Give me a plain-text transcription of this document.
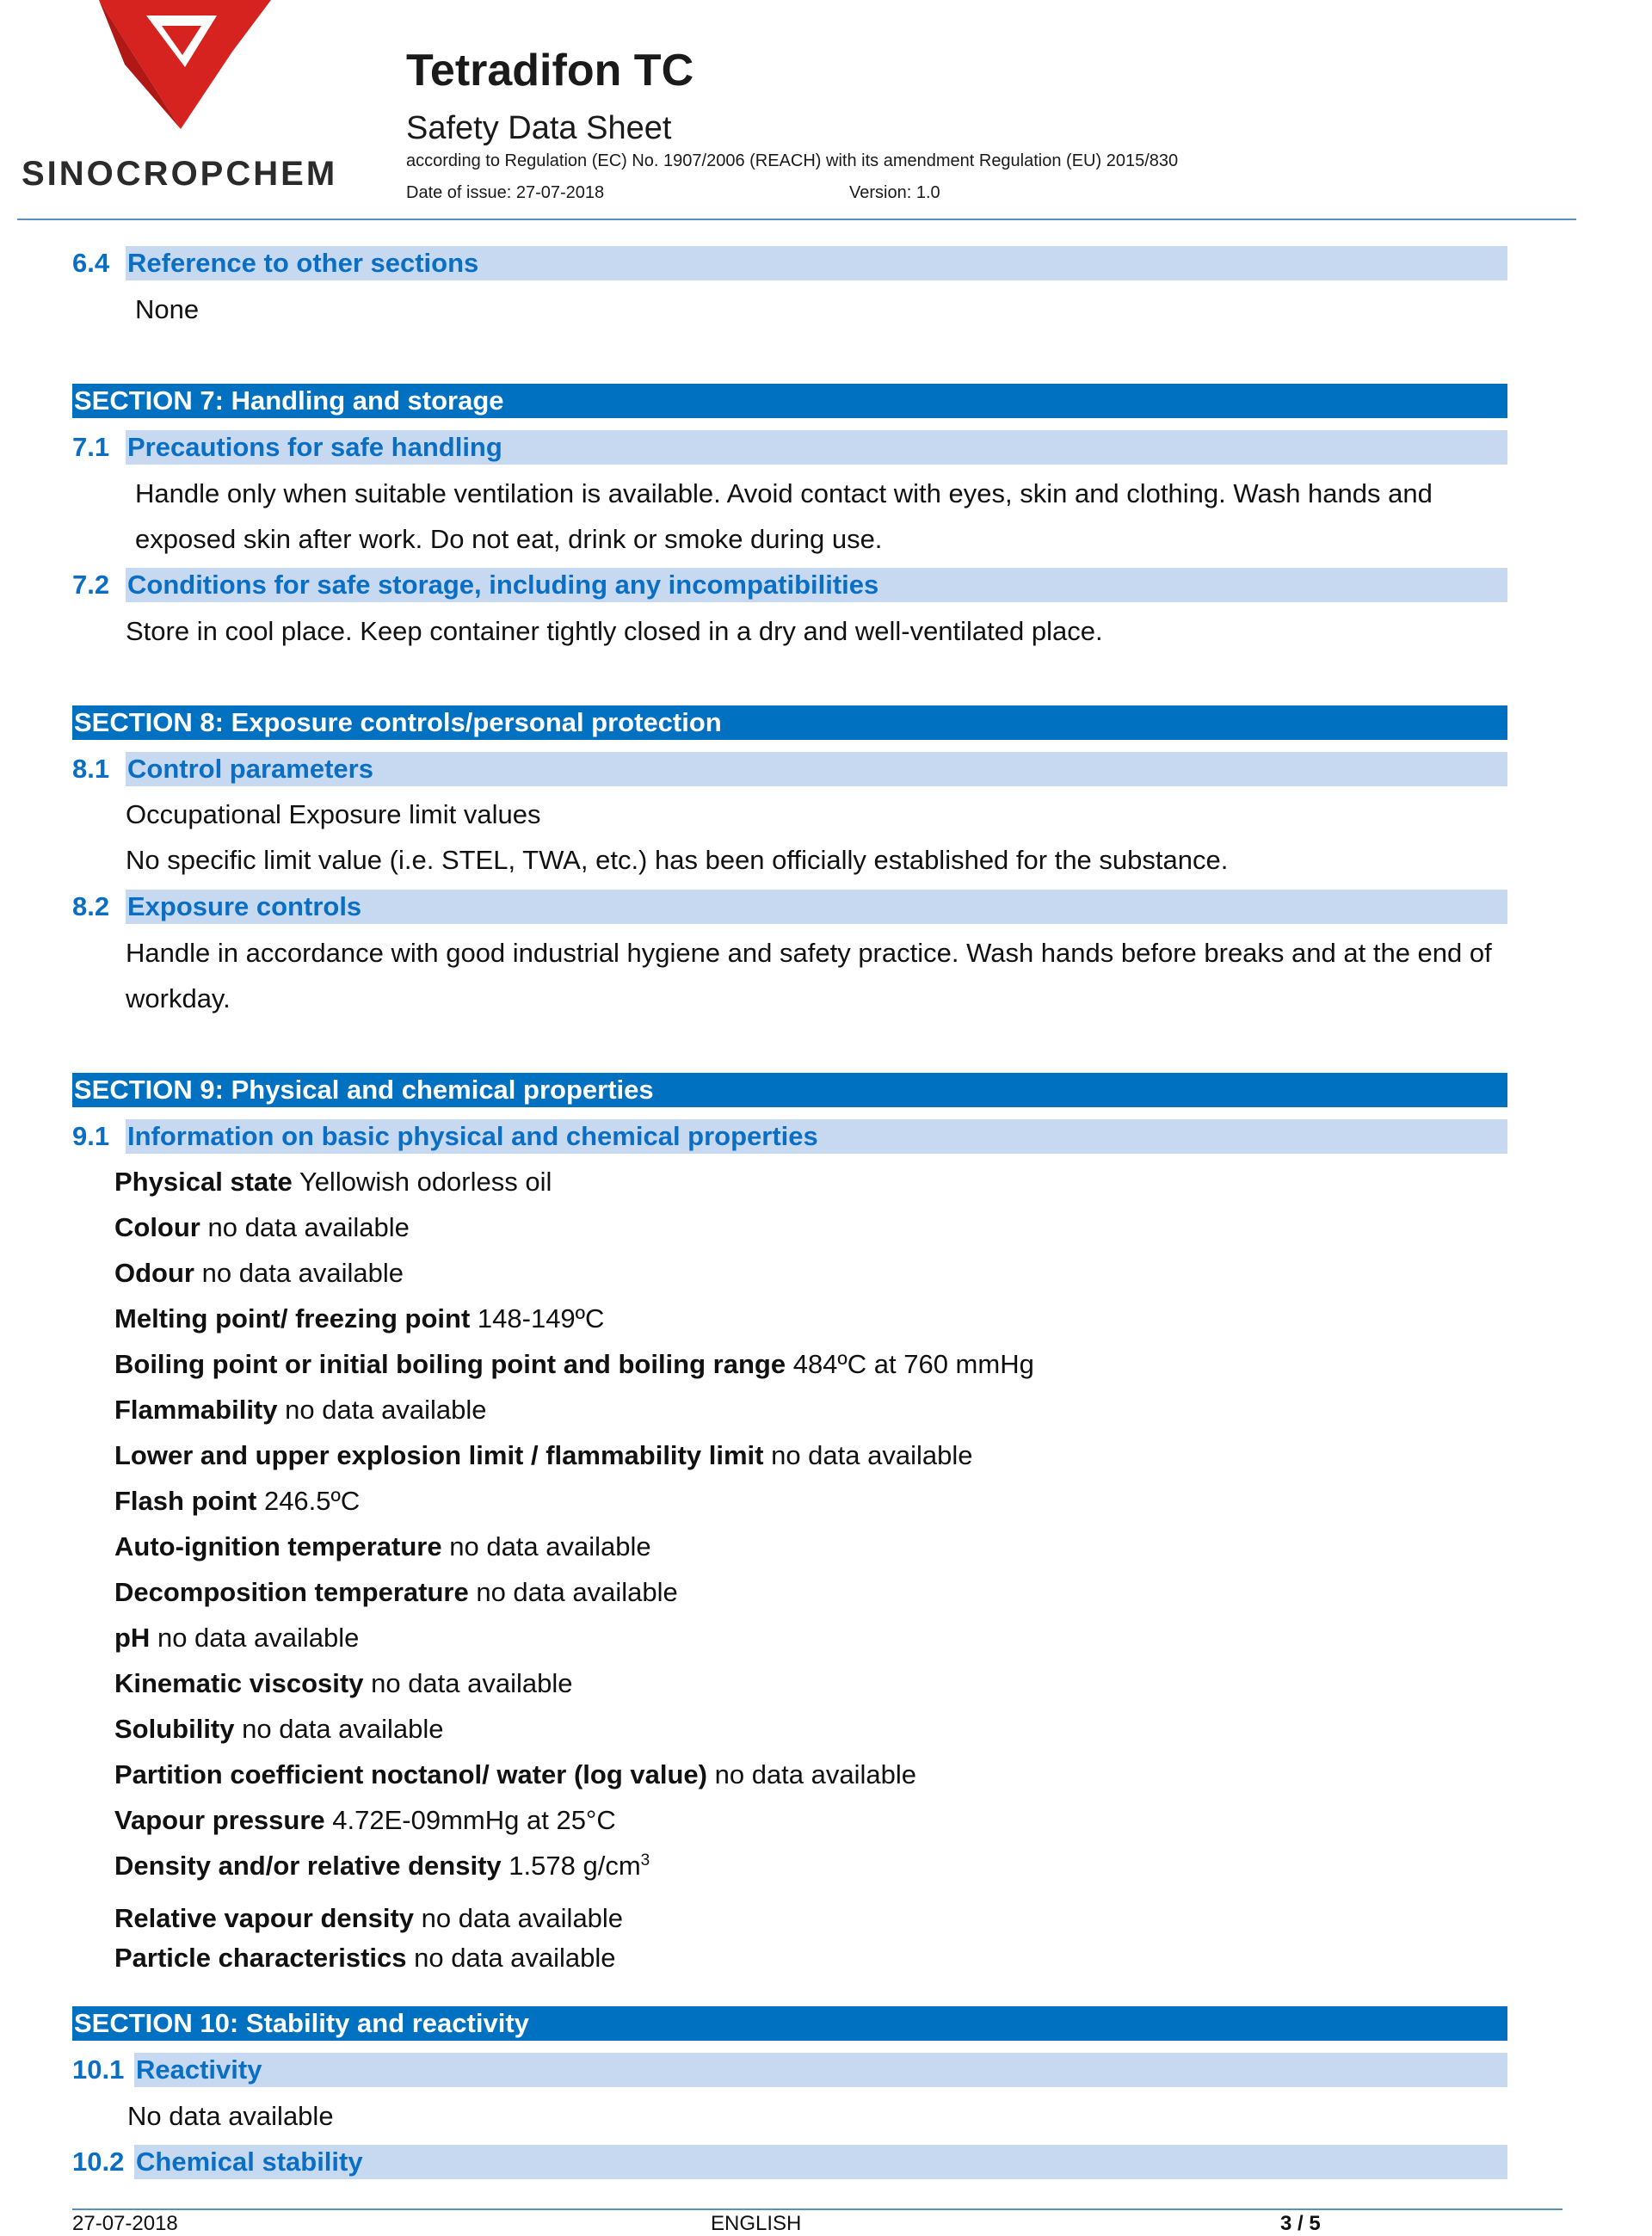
SINOCROPCHEM
Tetradifon TC
Safety Data Sheet
according to Regulation (EC) No. 1907/2006 (REACH) with its amendment Regulation (EU) 2015/830
Date of issue: 27-07-2018	Version: 1.0
6.4 Reference to other sections
None
SECTION 7: Handling and storage
7.1 Precautions for safe handling
Handle only when suitable ventilation is available. Avoid contact with eyes, skin and clothing. Wash hands and exposed skin after work. Do not eat, drink or smoke during use.
7.2 Conditions for safe storage, including any incompatibilities
Store in cool place. Keep container tightly closed in a dry and well-ventilated place.
SECTION 8: Exposure controls/personal protection
8.1 Control parameters
Occupational Exposure limit values
No specific limit value (i.e. STEL, TWA, etc.) has been officially established for the substance.
8.2 Exposure controls
Handle in accordance with good industrial hygiene and safety practice. Wash hands before breaks and at the end of workday.
SECTION 9: Physical and chemical properties
9.1 Information on basic physical and chemical properties
Physical state Yellowish odorless oil
Colour no data available
Odour no data available
Melting point/ freezing point 148-149ºC
Boiling point or initial boiling point and boiling range 484ºC at 760 mmHg
Flammability no data available
Lower and upper explosion limit / flammability limit no data available
Flash point 246.5ºC
Auto-ignition temperature no data available
Decomposition temperature no data available
pH no data available
Kinematic viscosity no data available
Solubility no data available
Partition coefficient noctanol/ water (log value) no data available
Vapour pressure 4.72E-09mmHg at 25°C
Density and/or relative density 1.578 $g/cm^3$
Relative vapour density no data available
Particle characteristics no data available
SECTION 10: Stability and reactivity
10.1 Reactivity
No data available
10.2 Chemical stability
27-07-2018	ENGLISH	3 / 5
